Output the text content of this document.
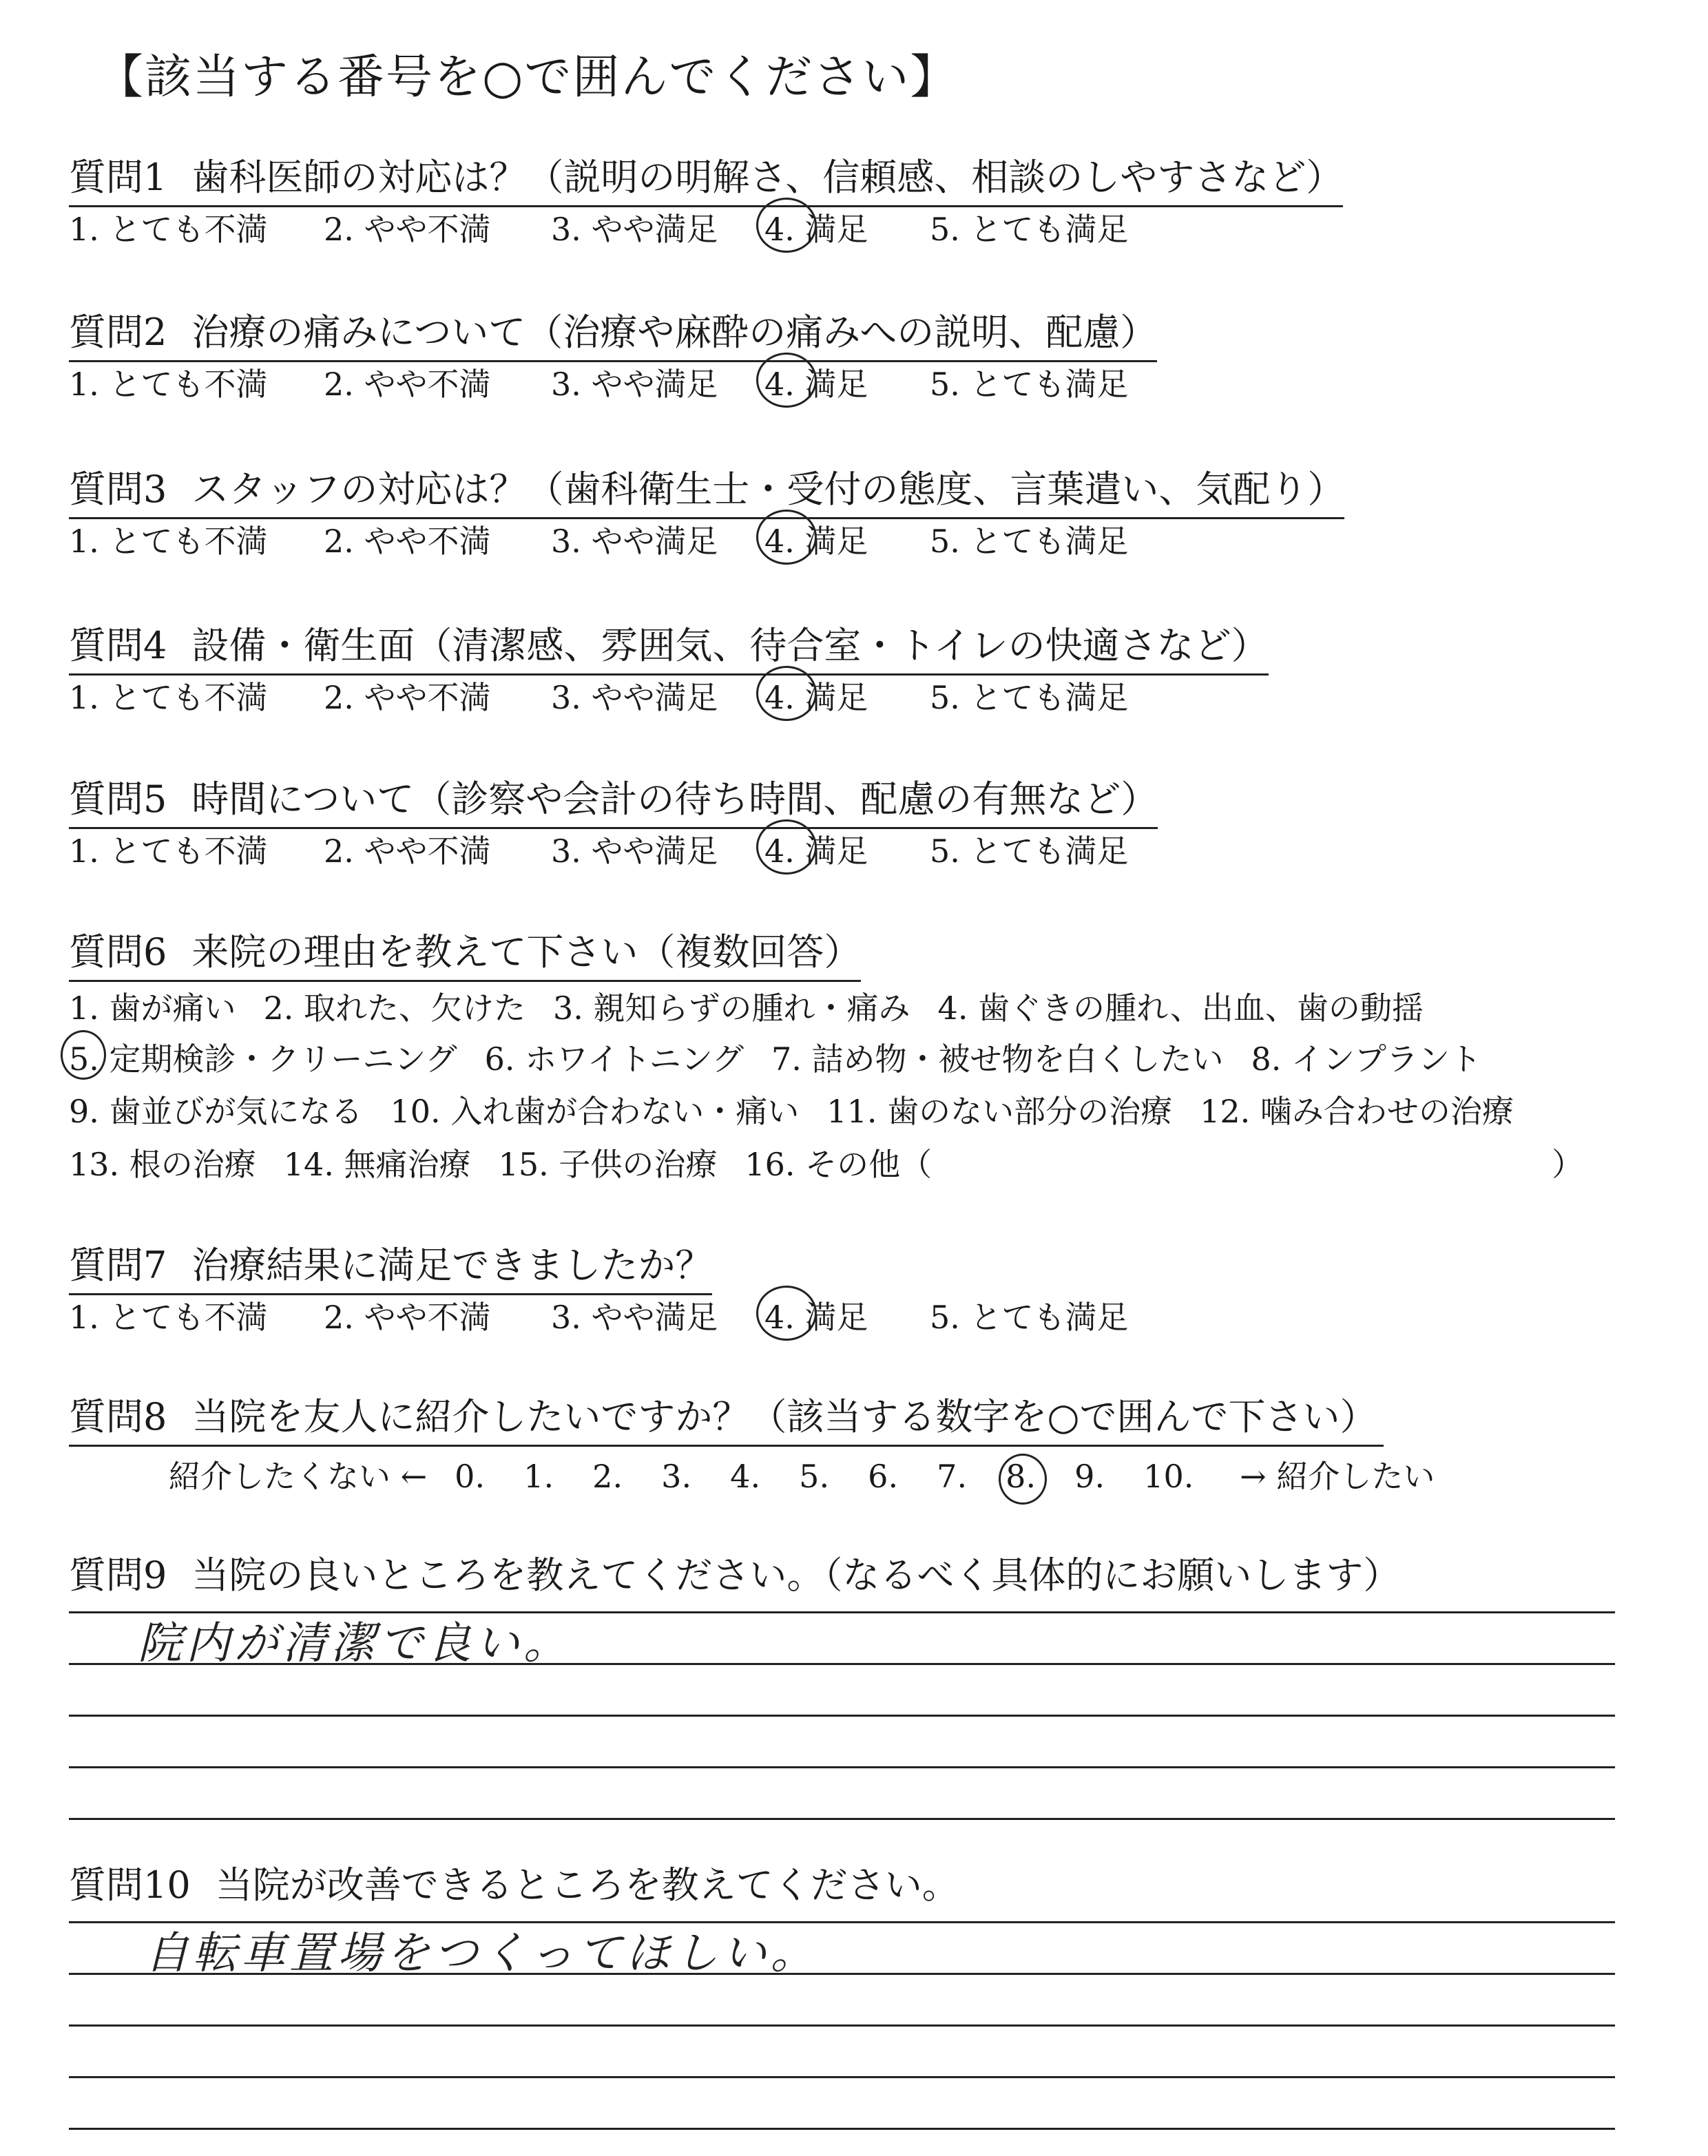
【該当する番号を○で囲んでください】
質問1 歯科医師の対応は？（説明の明解さ、信頼感、相談のしやすさなど）
1. とても不満 2. やや不満 3. やや満足 4. 満足 5. とても満足
質問2 治療の痛みについて（治療や麻酔の痛みへの説明、配慮）
1. とても不満 2. やや不満 3. やや満足 4. 満足 5. とても満足
質問3 スタッフの対応は？（歯科衛生士・受付の態度、言葉遣い、気配り）
1. とても不満 2. やや不満 3. やや満足 4. 満足 5. とても満足
質問4 設備・衛生面（清潔感、雰囲気、待合室・トイレの快適さなど）
1. とても不満 2. やや不満 3. やや満足 4. 満足 5. とても満足
質問5 時間について（診察や会計の待ち時間、配慮の有無など）
1. とても不満 2. やや不満 3. やや満足 4. 満足 5. とても満足
質問7 治療結果に満足できましたか？
1. とても不満 2. やや不満 3. やや満足 4. 満足 5. とても満足
質問6 来院の理由を教えて下さい（複数回答）
1. 歯が痛い 2. 取れた、欠けた 3. 親知らずの腫れ・痛み 4. 歯ぐきの腫れ、出血、歯の動揺
5. 定期検診・クリーニング 6. ホワイトニング 7. 詰め物・被せ物を白くしたい 8. インプラント
9. 歯並びが気になる 10. 入れ歯が合わない・痛い 11. 歯のない部分の治療 12. 噛み合わせの治療
13. 根の治療 14. 無痛治療 15. 子供の治療 16. その他（	）
質問8 当院を友人に紹介したいですか？（該当する数字を○で囲んで下さい）
紹介したくない ← 0. 1. 2. 3. 4. 5. 6. 7. 8. 9. 10. → 紹介したい
質問9 当院の良いところを教えてください。（なるべく具体的にお願いします）
院内が清潔で良い。
質問10 当院が改善できるところを教えてください。
自転車置場をつくってほしい。
